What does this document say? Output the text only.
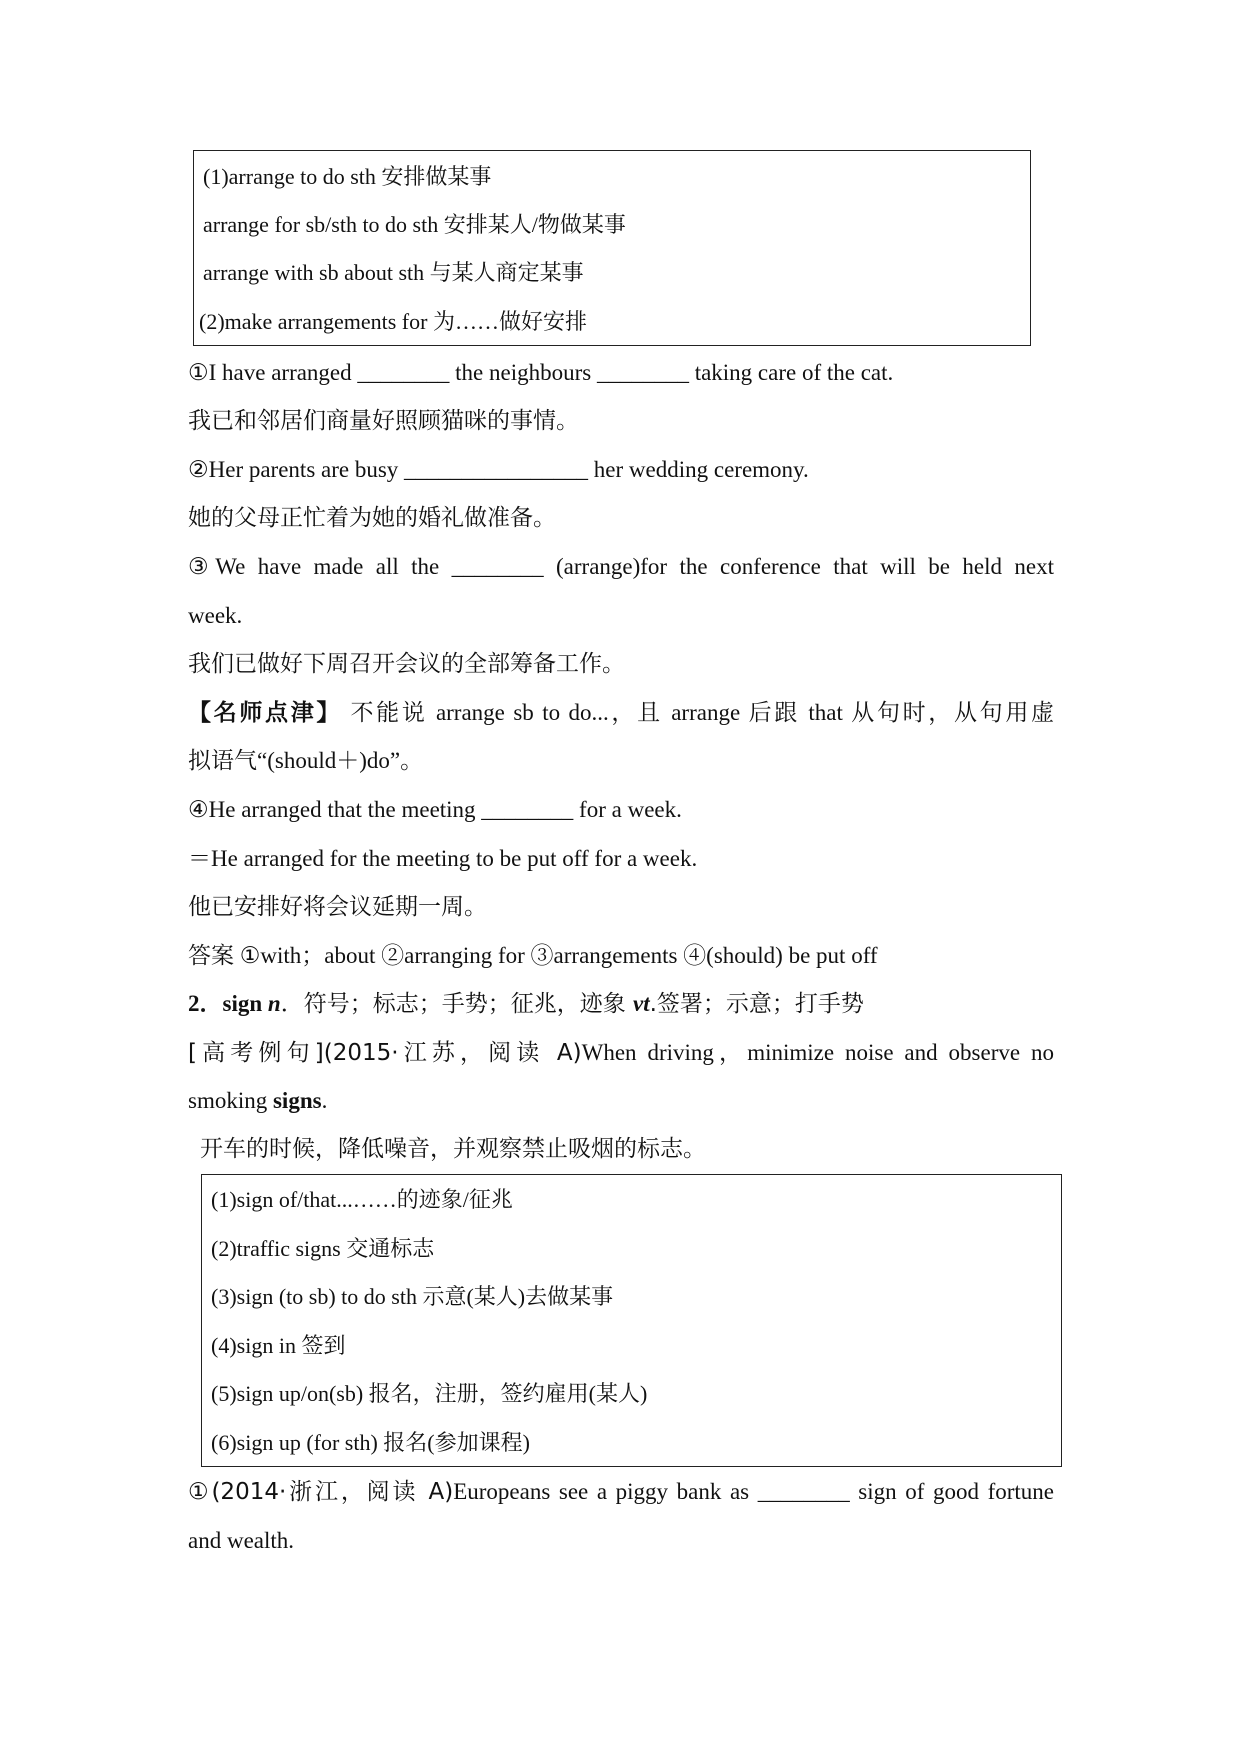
(1)arrange to do sth 安排做某事
arrange for sb/sth to do sth 安排某人/物做某事
arrange with sb about sth 与某人商定某事
(2)make arrangements for 为……做好安排
①I have arranged ________ the neighbours ________ taking care of the cat.
我已和邻居们商量好照顾猫咪的事情。
②Her parents are busy ________________ her wedding ceremony.
她的父母正忙着为她的婚礼做准备。
③We have made all the ________ (arrange)for the conference that will be held next
week.
我们已做好下周召开会议的全部筹备工作。
【名师点津】 不能说 arrange sb to do...，且 arrange 后跟 that 从句时，从句用虚
拟语气“(should＋)do”。
④He arranged that the meeting ________ for a week.
＝He arranged for the meeting to be put off for a week.
他已安排好将会议延期一周。
答案 ①with；about ②arranging for ③arrangements ④(should) be put off
2．sign n．符号；标志；手势；征兆，迹象 vt.签署；示意；打手势
[高考例句](2015·江苏，阅读 A)When driving，minimize noise and observe no
smoking signs.
开车的时候，降低噪音，并观察禁止吸烟的标志。
(1)sign of/that...……的迹象/征兆
(2)traffic signs 交通标志
(3)sign (to sb) to do sth 示意(某人)去做某事
(4)sign in 签到
(5)sign up/on(sb) 报名，注册，签约雇用(某人)
(6)sign up (for sth) 报名(参加课程)
①(2014·浙江，阅读 A)Europeans see a piggy bank as ________ sign of good fortune
and wealth.
